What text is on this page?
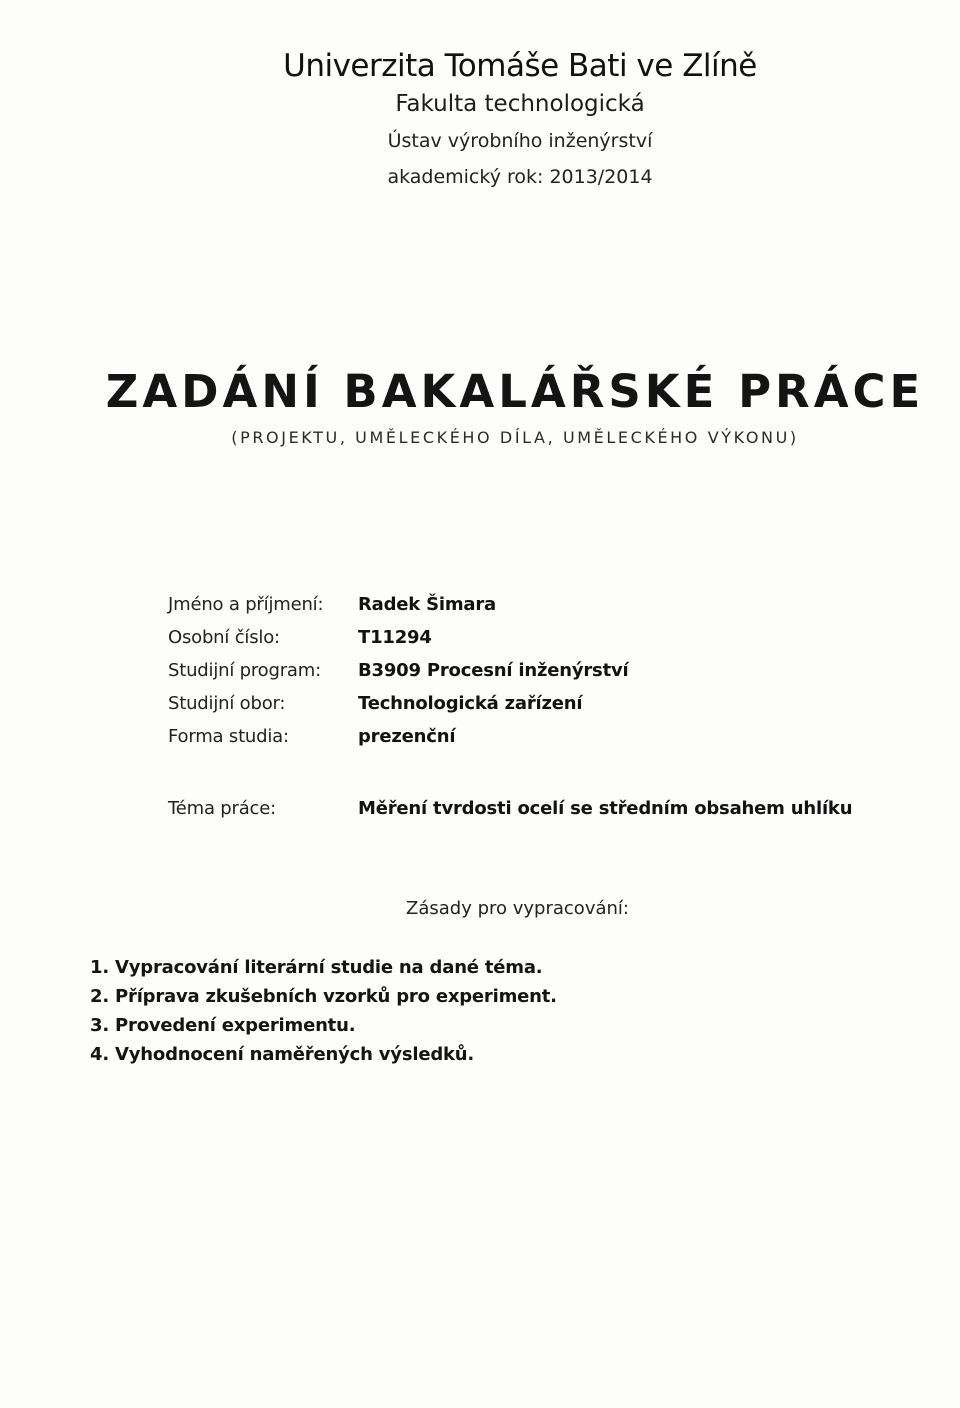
Univerzita Tomáše Bati ve Zlíně
Fakulta technologická
Ústav výrobního inženýrství
akademický rok: 2013/2014
ZADÁNÍ BAKALÁŘSKÉ PRÁCE
(PROJEKTU, UMĚLECKÉHO DÍLA, UMĚLECKÉHO VÝKONU)
Jméno a příjmení:	Radek Šimara
Osobní číslo:	T11294
Studijní program:	B3909 Procesní inženýrství
Studijní obor:	Technologická zařízení
Forma studia:	prezenční
Téma práce:	Měření tvrdosti ocelí se středním obsahem uhlíku
Zásady pro vypracování:
1. Vypracování literární studie na dané téma.
2. Příprava zkušebních vzorků pro experiment.
3. Provedení experimentu.
4. Vyhodnocení naměřených výsledků.
